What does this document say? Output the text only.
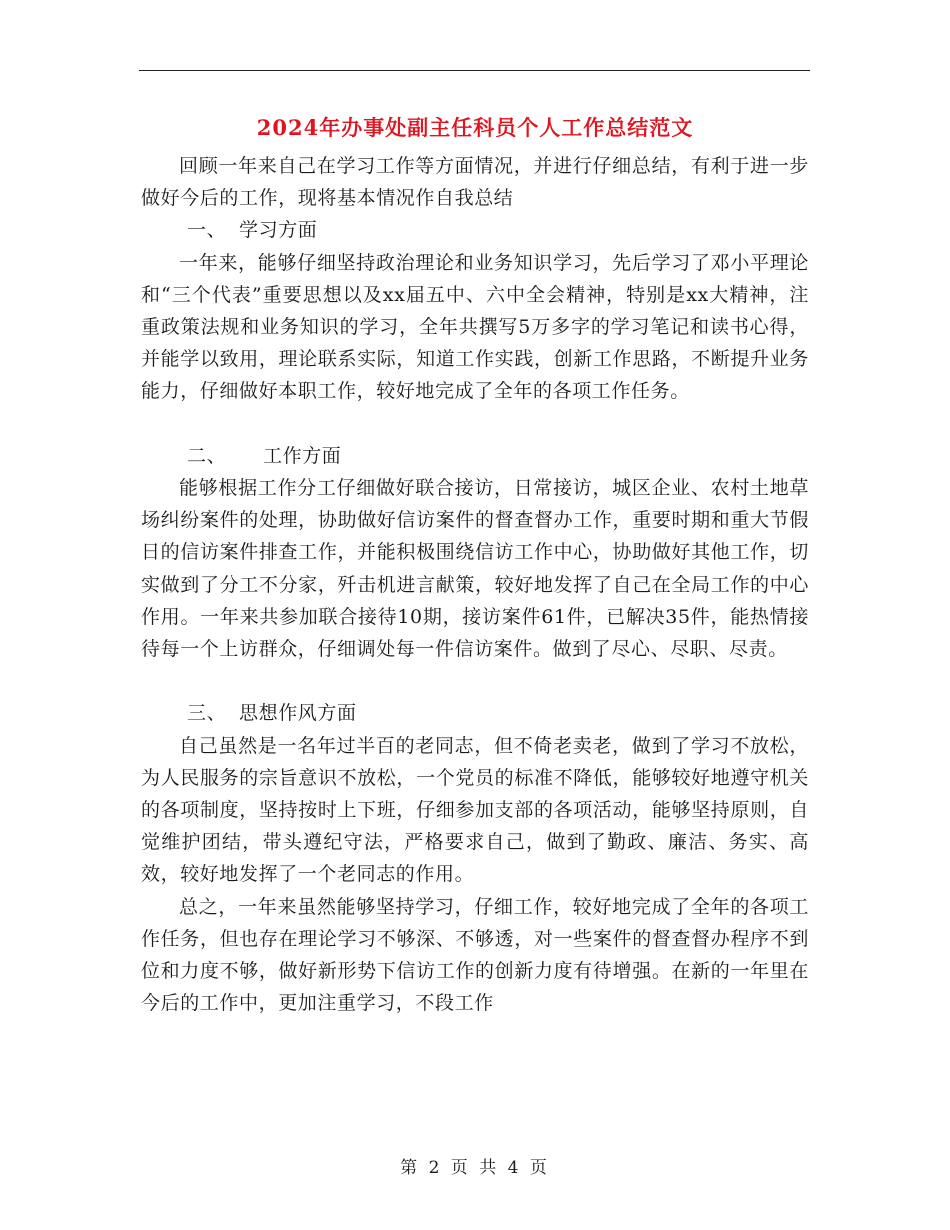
2024年办事处副主任科员个人工作总结范文

回顾一年来自己在学习工作等方面情况，并进行仔细总结，有利于进一步做好今后的工作，现将基本情况作自我总结

一、 学习方面

一年来，能够仔细坚持政治理论和业务知识学习，先后学习了邓小平理论和“三个代表”重要思想以及xx届五中、六中全会精神，特别是xx大精神，注重政策法规和业务知识的学习，全年共撰写5万多字的学习笔记和读书心得，并能学以致用，理论联系实际，知道工作实践，创新工作思路，不断提升业务能力，仔细做好本职工作，较好地完成了全年的各项工作任务。

二、 工作方面

能够根据工作分工仔细做好联合接访，日常接访，城区企业、农村土地草场纠纷案件的处理，协助做好信访案件的督查督办工作，重要时期和重大节假日的信访案件排查工作，并能积极围绕信访工作中心，协助做好其他工作，切实做到了分工不分家，歼击机进言献策，较好地发挥了自己在全局工作的中心作用。一年来共参加联合接待10期，接访案件61件，已解决35件，能热情接待每一个上访群众，仔细调处每一件信访案件。做到了尽心、尽职、尽责。

三、 思想作风方面

自己虽然是一名年过半百的老同志，但不倚老卖老，做到了学习不放松，为人民服务的宗旨意识不放松，一个党员的标准不降低，能够较好地遵守机关的各项制度，坚持按时上下班，仔细参加支部的各项活动，能够坚持原则，自觉维护团结，带头遵纪守法，严格要求自己，做到了勤政、廉洁、务实、高效，较好地发挥了一个老同志的作用。

总之，一年来虽然能够坚持学习，仔细工作，较好地完成了全年的各项工作任务，但也存在理论学习不够深、不够透，对一些案件的督查督办程序不到位和力度不够，做好新形势下信访工作的创新力度有待增强。在新的一年里在今后的工作中，更加注重学习，不段工作

第 2 页 共 4 页
